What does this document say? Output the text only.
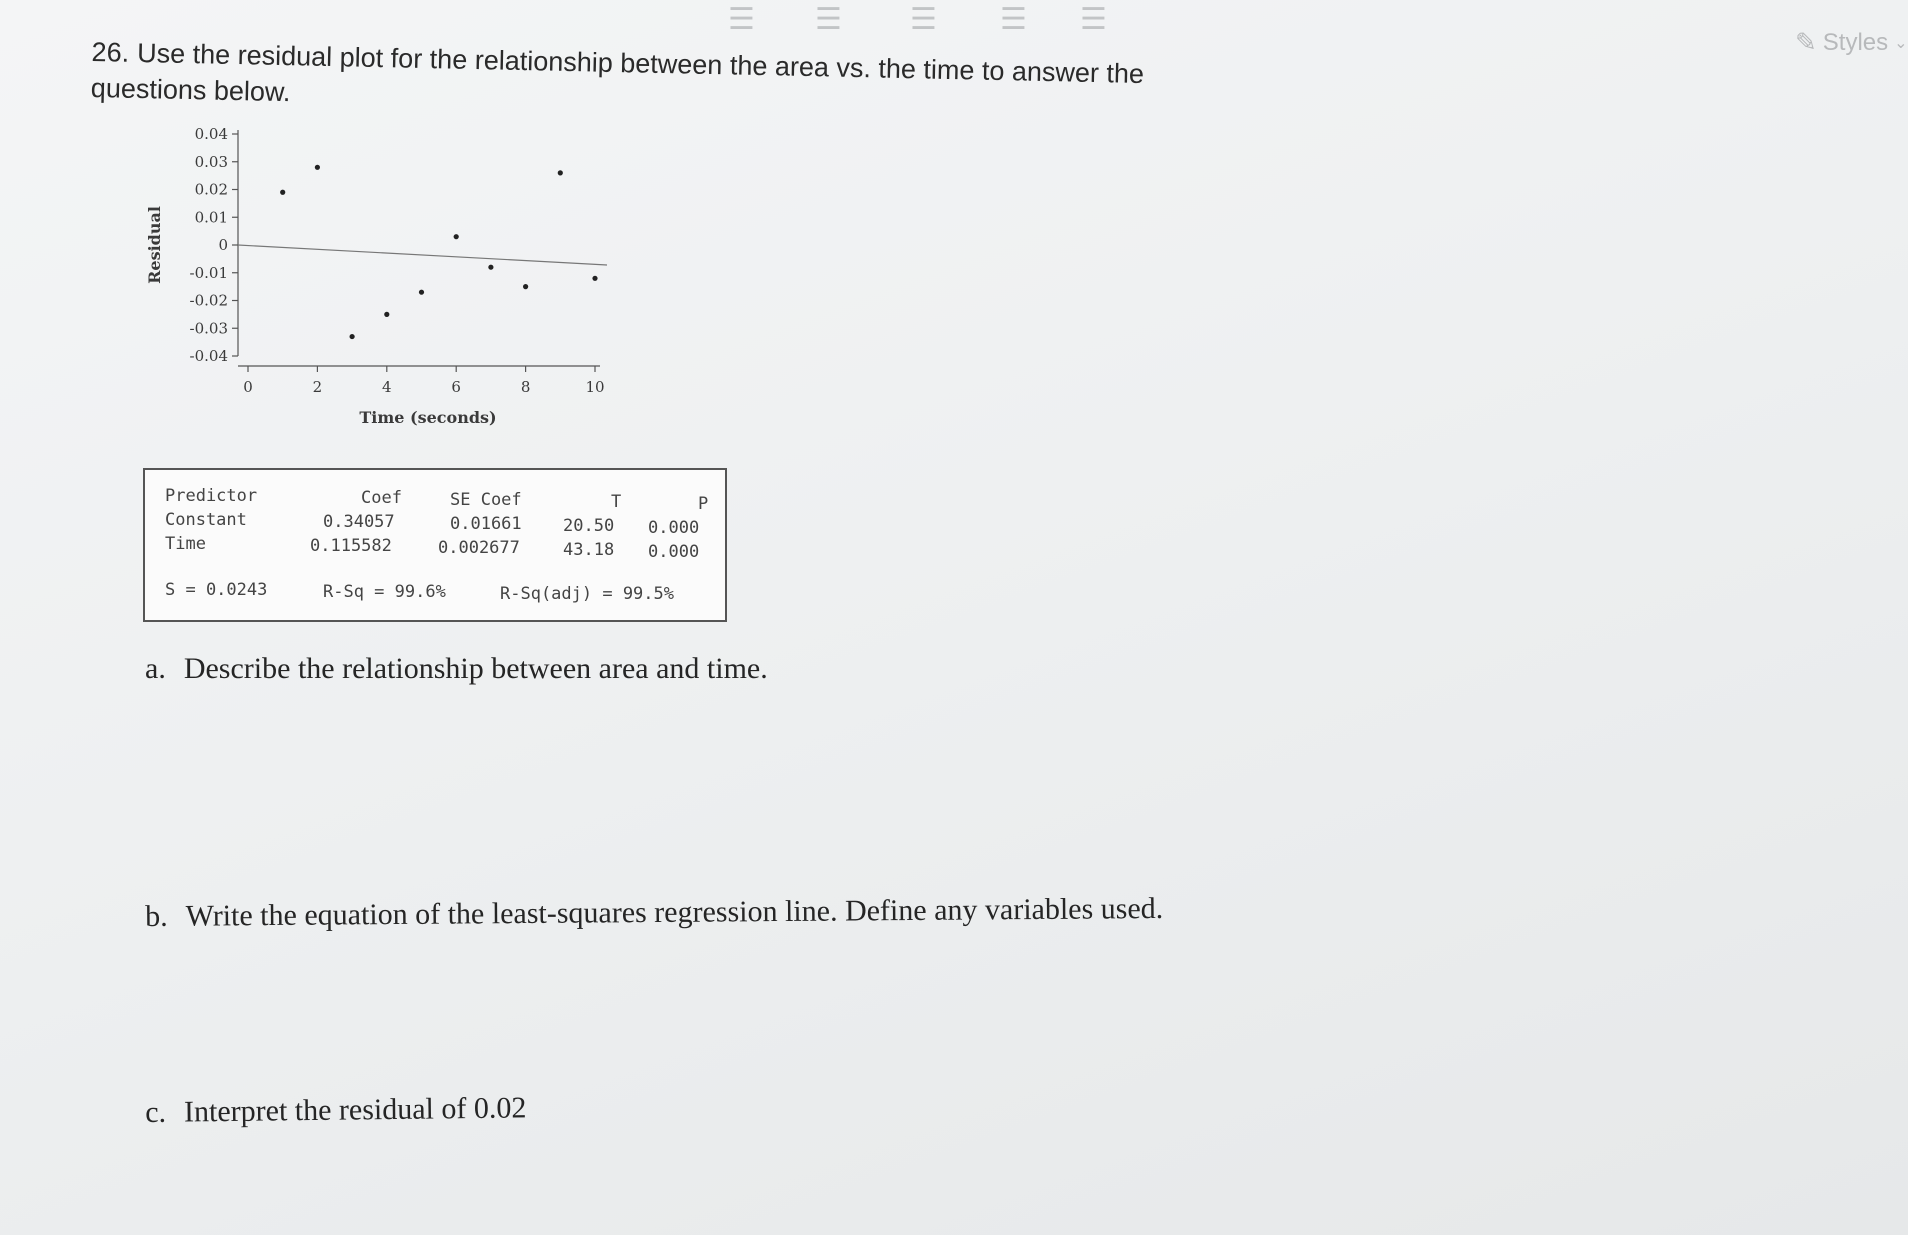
☰ ☰ ☰ ☰ ☰
✎ Styles ⌄
26. Use the residual plot for the relationship between the area vs. the time to answer the questions below.
0.04
0.03
0.02
0.01
0
-0.01
-0.02
-0.03
-0.04
0	2	4	6	8	10
Residual
Time (seconds)
Predictor	Coef	SE Coef	T	P
Constant	0.34057	0.01661 20.50 0.000
Time	0.115582	0.002677	43.18 0.000
S = 0.0243	R-Sq = 99.6%	R-Sq(adj) = 99.5%
a. Describe the relationship between area and time.
b. Write the equation of the least-squares regression line. Define any variables used.
c. Interpret the residual of 0.02
